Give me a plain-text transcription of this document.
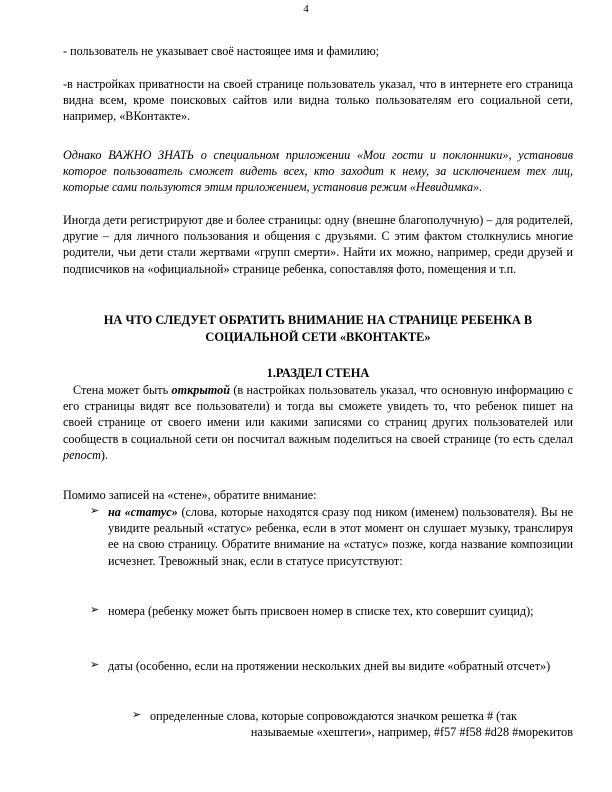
4

- пользователь не указывает своё настоящее имя и фамилию;

-в настройках приватности на своей странице пользователь указал, что в интернете его страница видна всем, кроме поисковых сайтов или видна только пользователям его социальной сети, например, «ВКонтакте».

Однако ВАЖНО ЗНАТЬ о специальном приложении «Мои гости и поклонники», установив которое пользователь сможет видеть всех, кто заходит к нему, за исключением тех лиц, которые сами пользуются этим приложением, установив режим «Невидимка».

Иногда дети регистрируют две и более страницы: одну (внешне благополучную) – для родителей, другие – для личного пользования и общения с друзьями. С этим фактом столкнулись многие родители, чьи дети стали жертвами «групп смерти». Найти их можно, например, среди друзей и подписчиков на «официальной» странице ребенка, сопоставляя фото, помещения и т.п.

НА ЧТО СЛЕДУЕТ ОБРАТИТЬ ВНИМАНИЕ НА СТРАНИЦЕ РЕБЕНКА В СОЦИАЛЬНОЙ СЕТИ «ВКОНТАКТЕ»

1.РАЗДЕЛ СТЕНА

Стена может быть открытой (в настройках пользователь указал, что основную информацию с его страницы видят все пользователи) и тогда вы сможете увидеть то, что ребенок пишет на своей странице от своего имени или какими записями со страниц других пользователей или сообществ в социальной сети он посчитал важным поделиться на своей странице (то есть сделал репост).

Помимо записей на «стене», обратите внимание:

➢ на «статус» (слова, которые находятся сразу под ником (именем) пользователя). Вы не увидите реальный «статус» ребенка, если в этот момент он слушает музыку, транслируя ее на свою страницу. Обратите внимание на «статус» позже, когда название композиции исчезнет. Тревожный знак, если в статусе присутствуют:

➢ номера (ребенку может быть присвоен номер в списке тех, кто совершит суицид);

➢ даты (особенно, если на протяжении нескольких дней вы видите «обратный отсчет»)

➢ определенные слова, которые сопровождаются значком решетка # (так

называемые «хештеги», например, #f57 #f58 #d28 #морекитов
